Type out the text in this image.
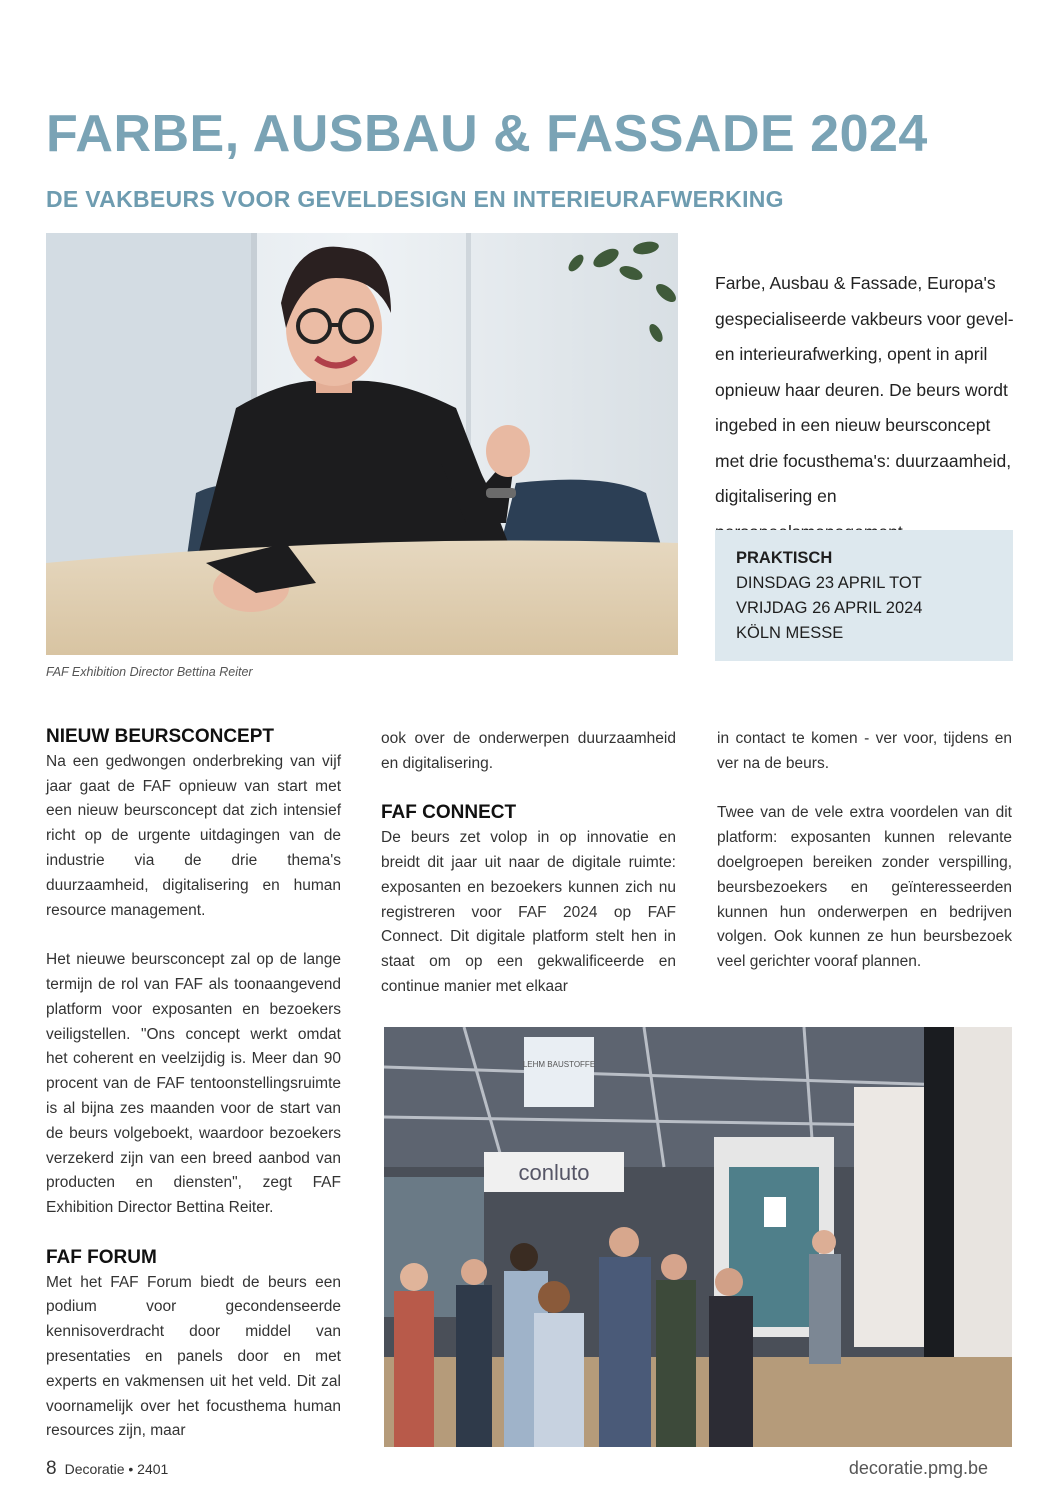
FARBE, AUSBAU & FASSADE 2024
DE VAKBEURS VOOR GEVELDESIGN EN INTERIEURAFWERKING
FAF Exhibition Director Bettina Reiter

Farbe, Ausbau & Fassade, Europa's gespecialiseerde vakbeurs voor gevel- en interieurafwerking, opent in april opnieuw haar deuren. De beurs wordt ingebed in een nieuw beursconcept met drie focusthema's: duurzaamheid, digitalisering en

PRAKTISCH
DINSDAG 23 APRIL TOT
VRIJDAG 26 APRIL 2024
KÖLN MESSE
NIEUW BEURSCONCEPT

Na een gedwongen onderbreking van vijf jaar gaat de FAF opnieuw van start met een nieuw beursconcept dat zich intensief richt op de urgente uitdagingen van de industrie via de drie thema's duurzaamheid, digitalisering en human resource management.

Het nieuwe beursconcept zal op de lange termijn de rol van FAF als toonaangevend platform voor exposanten en bezoekers veiligstellen. "Ons concept werkt omdat het coherent en veelzijdig is. Meer dan 90 procent van de FAF tentoonstellingsruimte is al bijna zes maanden voor de start van de beurs volgeboekt, waardoor bezoekers verzekerd zijn van een breed aanbod van producten en diensten", zegt FAF Exhibition Director Bettina Reiter.

FAF FORUM

Met het FAF Forum biedt de beurs een podium voor gecondenseerde kennisoverdracht door middel van presentaties en panels door en met experts en vakmensen uit het veld. Dit zal voornamelijk over het focusthema human resources zijn, maar

ook over de onderwerpen duurzaamheid en digitalisering.

FAF CONNECT

De beurs zet volop in op innovatie en breidt dit jaar uit naar de digitale ruimte: exposanten en bezoekers kunnen zich nu registreren voor FAF 2024 op FAF Connect. Dit digitale platform stelt hen in staat om op een gekwalificeerde en continue manier met elkaar

in contact te komen - ver voor, tijdens en ver na de beurs.

Twee van de vele extra voordelen van dit platform: exposanten kunnen relevante doelgroepen bereiken zonder verspilling, beursbezoekers en geïnteresseerden kunnen hun onderwerpen en bedrijven volgen. Ook kunnen ze hun beursbezoek veel gerichter vooraf plannen.

LEHM BAUSTOFFE
conluto
8 Decoratie • 2401	decoratie.pmg.be
